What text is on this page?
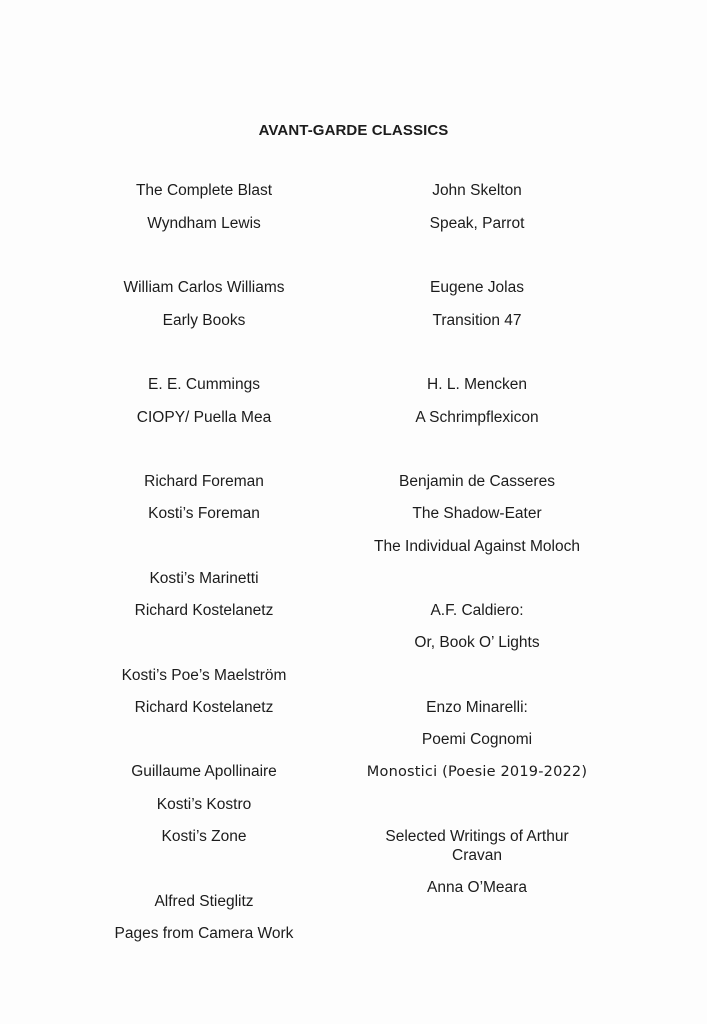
AVANT-GARDE CLASSICS
The Complete Blast
Wyndham Lewis
William Carlos Williams
Early Books
E. E. Cummings
CIOPY/ Puella Mea
Richard Foreman
Kosti’s Foreman
Kosti’s Marinetti
Richard Kostelanetz
Kosti’s Poe’s Maelström
Richard Kostelanetz
Guillaume Apollinaire
Kosti’s Kostro
Kosti’s Zone
Alfred Stieglitz
Pages from Camera Work
John Skelton
Speak, Parrot
Eugene Jolas
Transition 47
H. L. Mencken
A Schrimpflexicon
Benjamin de Casseres
The Shadow-Eater
The Individual Against Moloch
A.F. Caldiero:
Or, Book O’ Lights
Enzo Minarelli:
Poemi Cognomi
Monostici (Poesie 2019-2022)
Selected Writings of Arthur Cravan
Anna O’Meara
